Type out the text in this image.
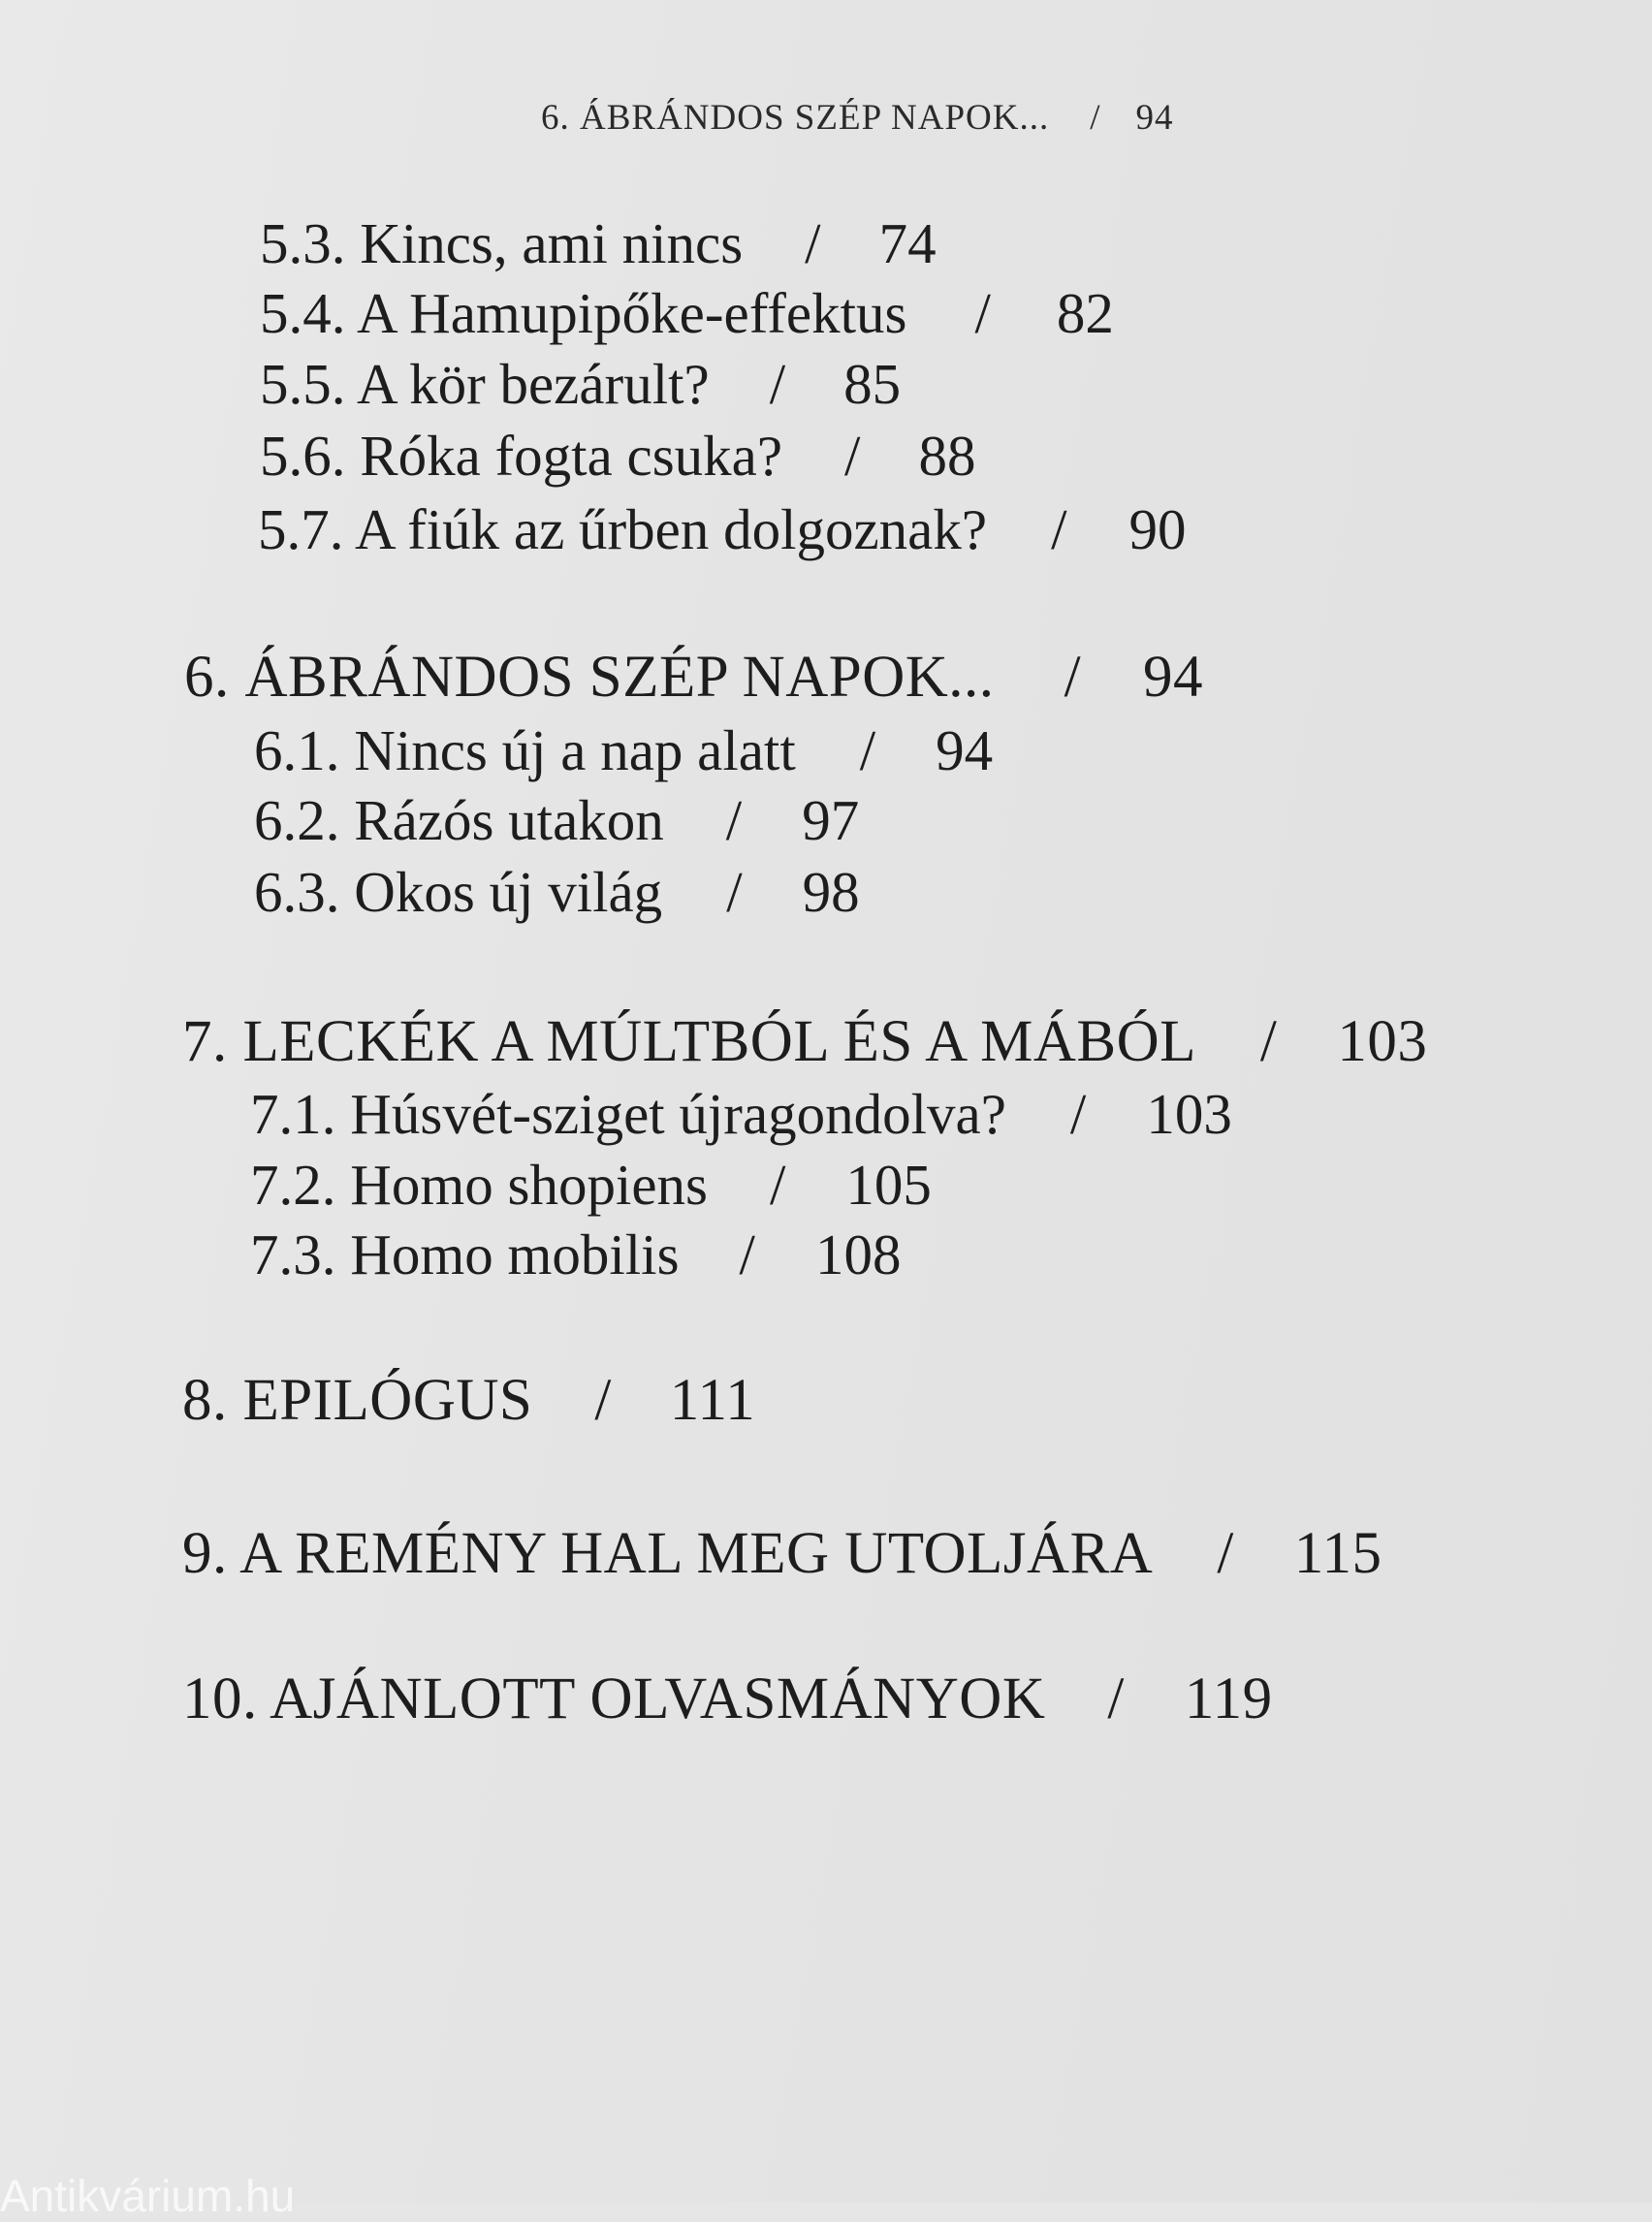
6. ÁBRÁNDOS SZÉP NAPOK... / 94
5.3. Kincs, ami nincs / 74
5.4. A Hamupipőke-effektus / 82
5.5. A kör bezárult? / 85
5.6. Róka fogta csuka? / 88
5.7. A fiúk az űrben dolgoznak? / 90
6. ÁBRÁNDOS SZÉP NAPOK... / 94
6.1. Nincs új a nap alatt / 94
6.2. Rázós utakon / 97
6.3. Okos új világ / 98
7. LECKÉK A MÚLTBÓL ÉS A MÁBÓL / 103
7.1. Húsvét-sziget újragondolva? / 103
7.2. Homo shopiens / 105
7.3. Homo mobilis / 108
8. EPILÓGUS / 111
9. A REMÉNY HAL MEG UTOLJÁRA / 115
10. AJÁNLOTT OLVASMÁNYOK / 119
Antikvárium.hu
